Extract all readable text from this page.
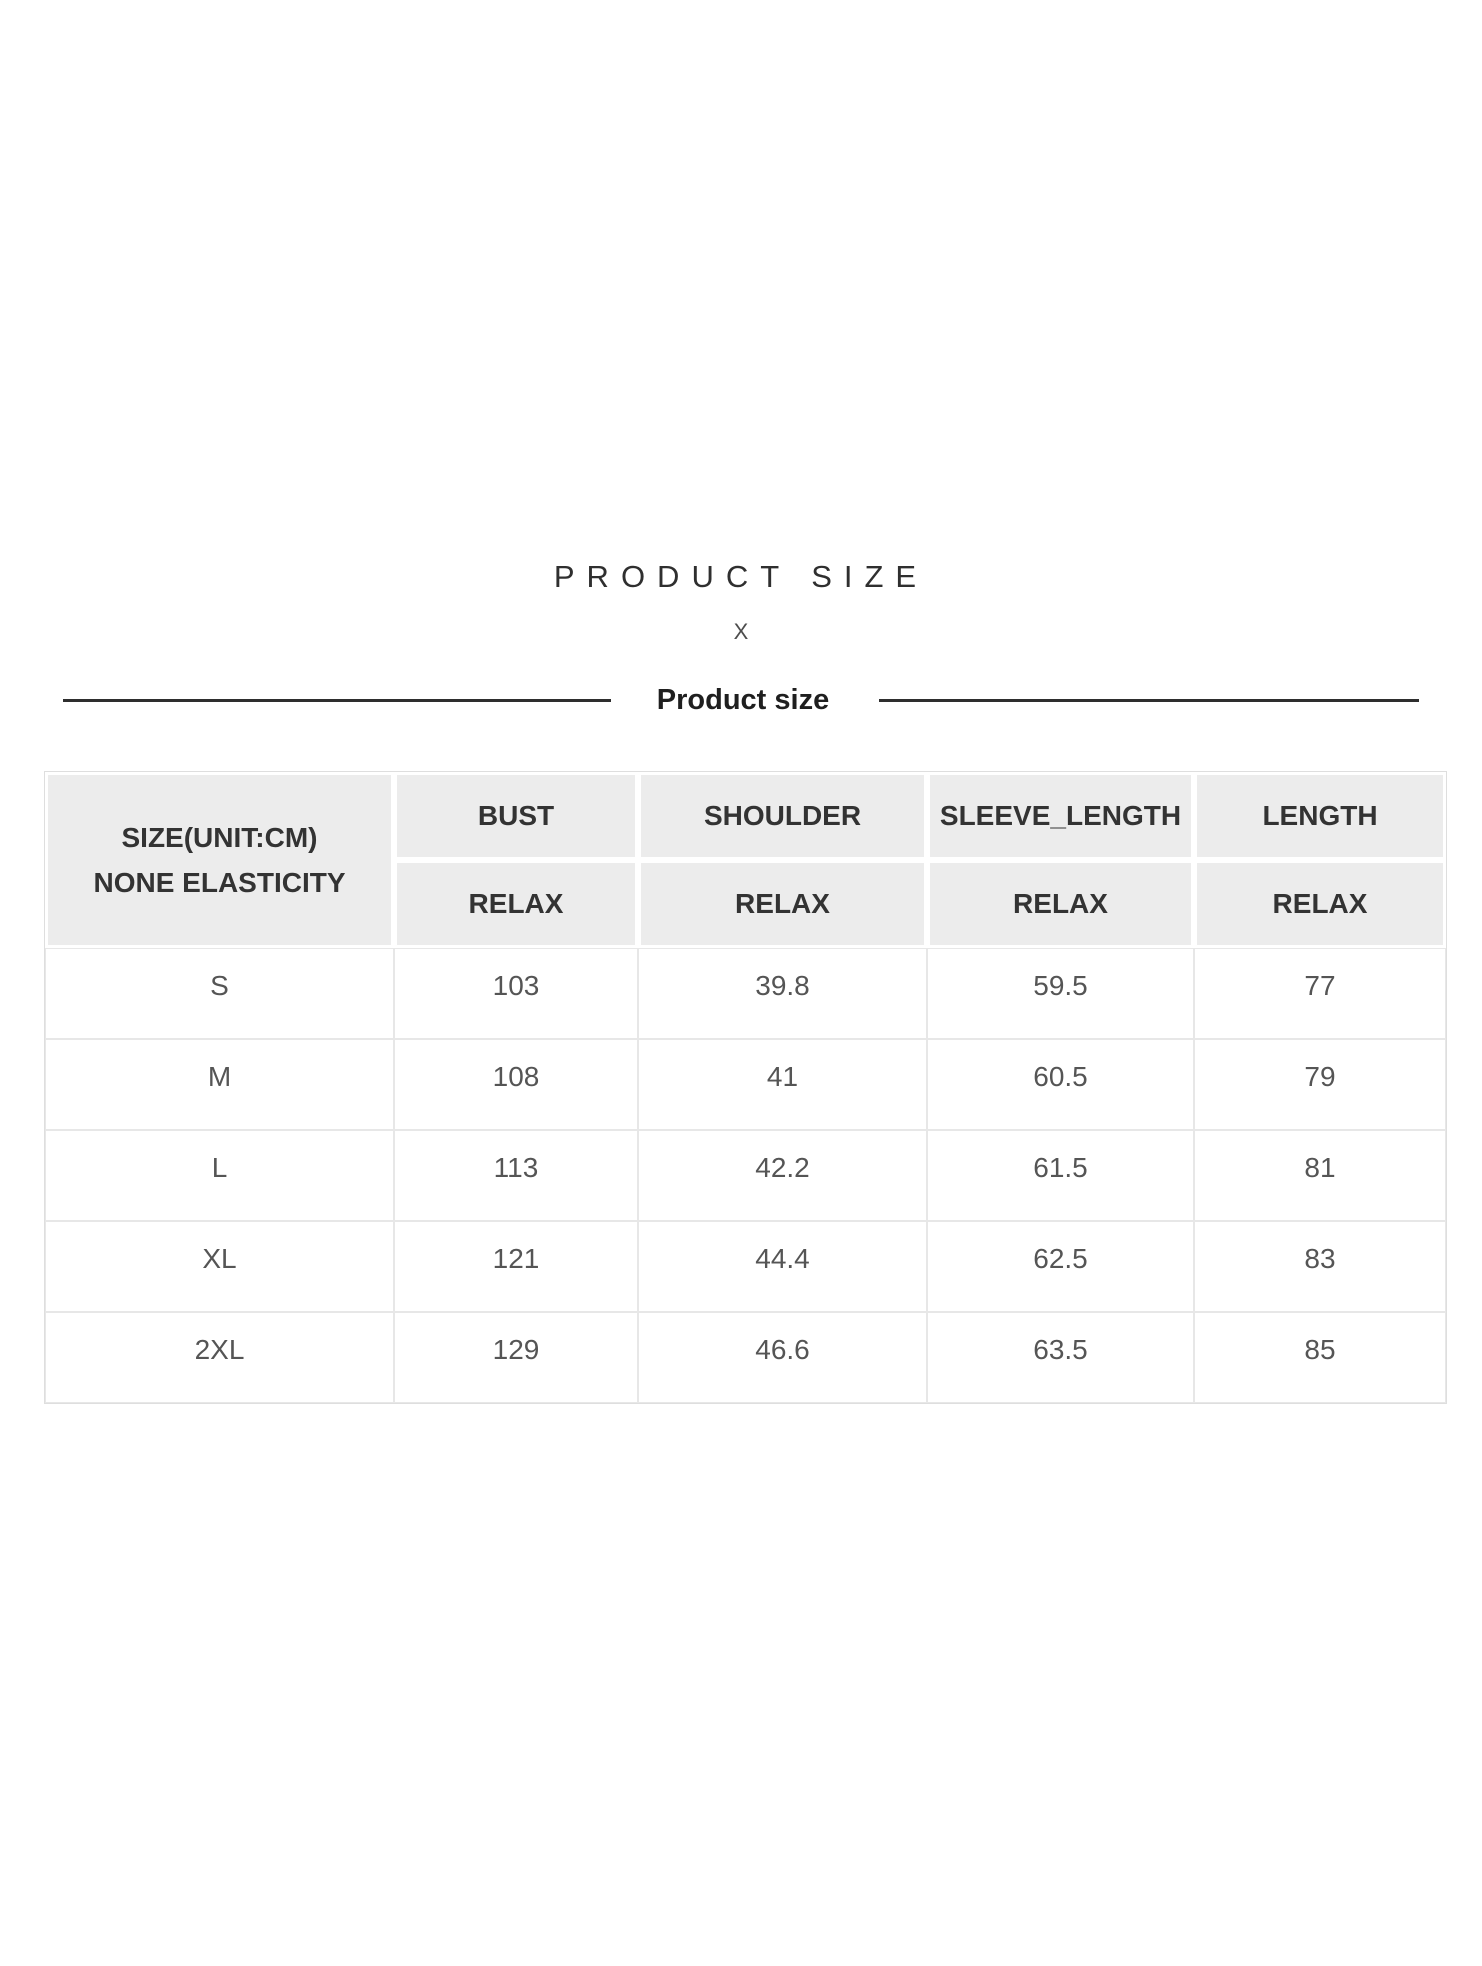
PRODUCT SIZE
X
Product size
SIZE(UNIT:CM)
NONE ELASTICITY	BUST	SHOULDER	SLEEVE_LENGTH	LENGTH
	RELAX	RELAX	RELAX	RELAX
S	103	39.8	59.5	77
M	108	41	60.5	79
L	113	42.2	61.5	81
XL	121	44.4	62.5	83
2XL	129	46.6	63.5	85
